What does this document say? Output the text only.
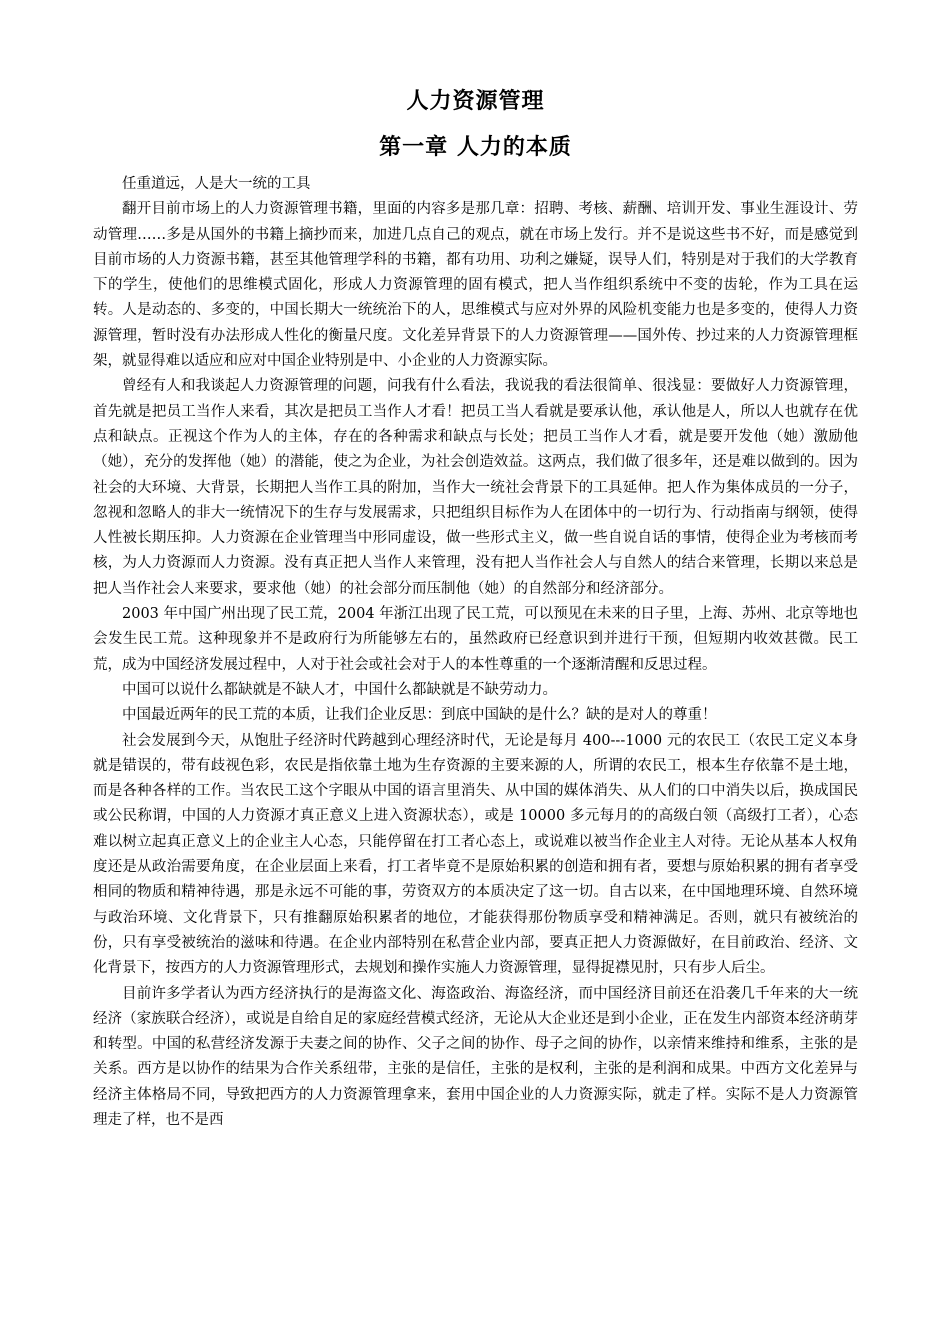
人力资源管理
第一章 人力的本质

任重道远，人是大一统的工具

翻开目前市场上的人力资源管理书籍，里面的内容多是那几章：招聘、考核、薪酬、培训开发、事业生涯设计、劳动管理……多是从国外的书籍上摘抄而来，加进几点自己的观点，就在市场上发行。并不是说这些书不好，而是感觉到目前市场的人力资源书籍，甚至其他管理学科的书籍，都有功用、功利之嫌疑，误导人们，特别是对于我们的大学教育下的学生，使他们的思维模式固化，形成人力资源管理的固有模式，把人当作组织系统中不变的齿轮，作为工具在运转。人是动态的、多变的，中国长期大一统统治下的人，思维模式与应对外界的风险机变能力也是多变的，使得人力资源管理，暂时没有办法形成人性化的衡量尺度。文化差异背景下的人力资源管理——国外传、抄过来的人力资源管理框架，就显得难以适应和应对中国企业特别是中、小企业的人力资源实际。

曾经有人和我谈起人力资源管理的问题，问我有什么看法，我说我的看法很简单、很浅显：要做好人力资源管理，首先就是把员工当作人来看，其次是把员工当作人才看！把员工当人看就是要承认他，承认他是人，所以人也就存在优点和缺点。正视这个作为人的主体，存在的各种需求和缺点与长处；把员工当作人才看，就是要开发他（她）激励他（她），充分的发挥他（她）的潜能，使之为企业，为社会创造效益。这两点，我们做了很多年，还是难以做到的。因为社会的大环境、大背景，长期把人当作工具的附加，当作大一统社会背景下的工具延伸。把人作为集体成员的一分子，忽视和忽略人的非大一统情况下的生存与发展需求，只把组织目标作为人在团体中的一切行为、行动指南与纲领，使得人性被长期压抑。人力资源在企业管理当中形同虚设，做一些形式主义，做一些自说自话的事情，使得企业为考核而考核，为人力资源而人力资源。没有真正把人当作人来管理，没有把人当作社会人与自然人的结合来管理，长期以来总是把人当作社会人来要求，要求他（她）的社会部分而压制他（她）的自然部分和经济部分。

2003 年中国广州出现了民工荒，2004 年浙江出现了民工荒，可以预见在未来的日子里，上海、苏州、北京等地也会发生民工荒。这种现象并不是政府行为所能够左右的，虽然政府已经意识到并进行干预，但短期内收效甚微。民工荒，成为中国经济发展过程中，人对于社会或社会对于人的本性尊重的一个逐渐清醒和反思过程。

中国可以说什么都缺就是不缺人才，中国什么都缺就是不缺劳动力。

中国最近两年的民工荒的本质，让我们企业反思：到底中国缺的是什么？缺的是对人的尊重！

社会发展到今天，从饱肚子经济时代跨越到心理经济时代，无论是每月 400---1000 元的农民工（农民工定义本身就是错误的，带有歧视色彩，农民是指依靠土地为生存资源的主要来源的人，所谓的农民工，根本生存依靠不是土地，而是各种各样的工作。当农民工这个字眼从中国的语言里消失、从中国的媒体消失、从人们的口中消失以后，换成国民或公民称谓，中国的人力资源才真正意义上进入资源状态），或是 10000 多元每月的的高级白领（高级打工者），心态难以树立起真正意义上的企业主人心态，只能停留在打工者心态上，或说难以被当作企业主人对待。无论从基本人权角度还是从政治需要角度，在企业层面上来看，打工者毕竟不是原始积累的创造和拥有者，要想与原始积累的拥有者享受相同的物质和精神待遇，那是永远不可能的事，劳资双方的本质决定了这一切。自古以来，在中国地理环境、自然环境与政治环境、文化背景下，只有推翻原始积累者的地位，才能获得那份物质享受和精神满足。否则，就只有被统治的份，只有享受被统治的滋味和待遇。在企业内部特别在私营企业内部，要真正把人力资源做好，在目前政治、经济、文化背景下，按西方的人力资源管理形式，去规划和操作实施人力资源管理，显得捉襟见肘，只有步人后尘。

目前许多学者认为西方经济执行的是海盗文化、海盗政治、海盗经济，而中国经济目前还在沿袭几千年来的大一统经济（家族联合经济），或说是自给自足的家庭经营模式经济，无论从大企业还是到小企业，正在发生内部资本经济萌芽和转型。中国的私营经济发源于夫妻之间的协作、父子之间的协作、母子之间的协作，以亲情来维持和维系，主张的是关系。西方是以协作的结果为合作关系纽带，主张的是信任，主张的是权利，主张的是利润和成果。中西方文化差异与经济主体格局不同，导致把西方的人力资源管理拿来，套用中国企业的人力资源实际，就走了样。实际不是人力资源管理走了样，也不是西
